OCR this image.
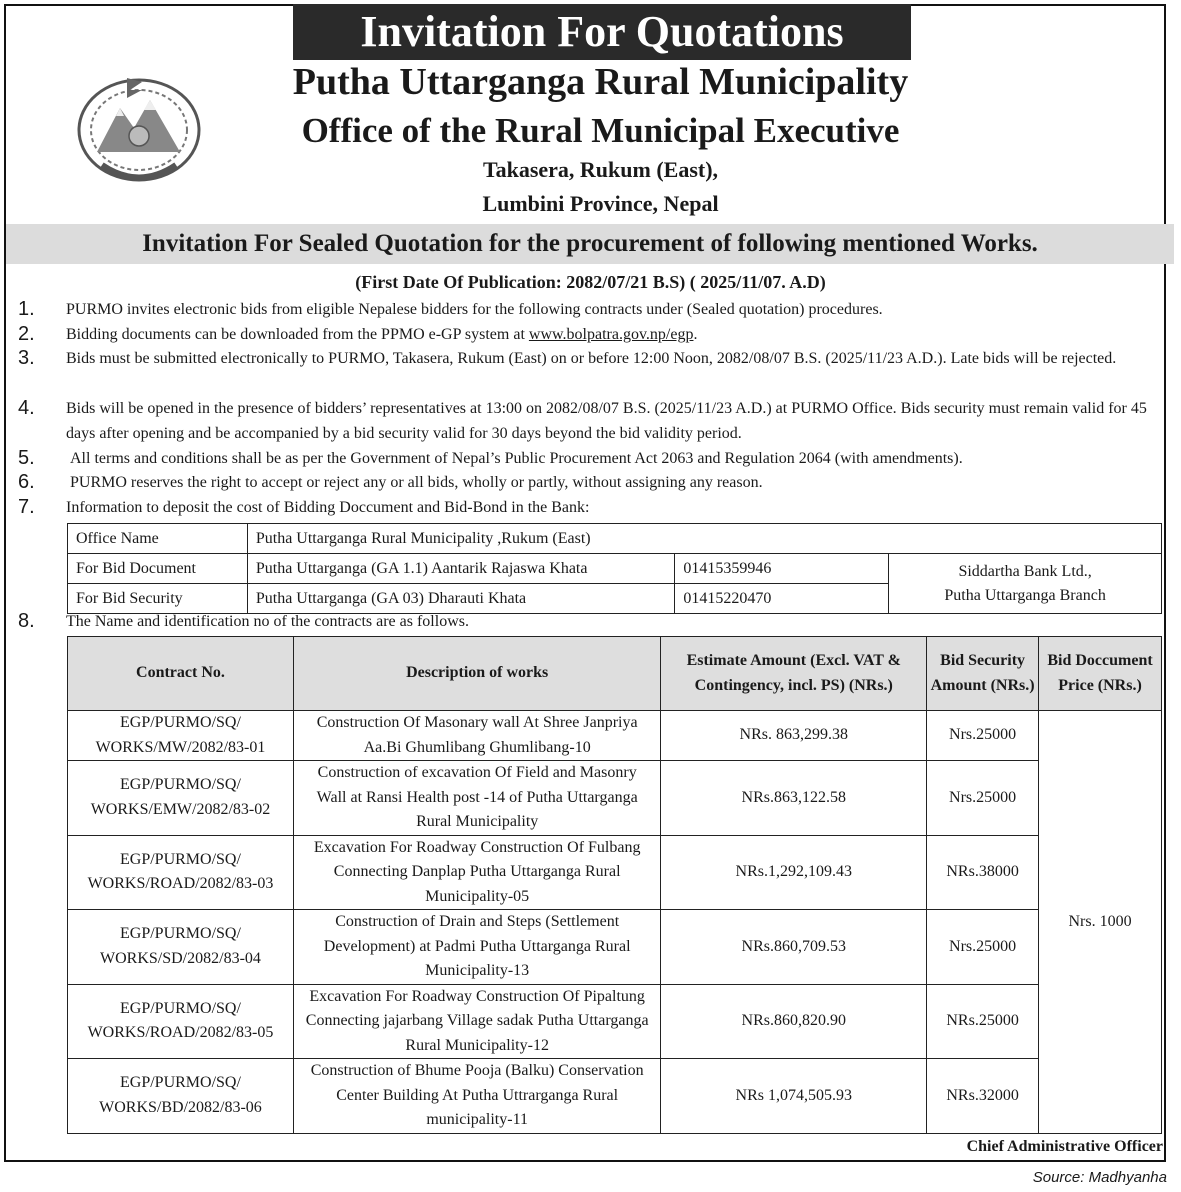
Invitation For Quotations
Putha Uttarganga Rural Municipality
Office of the Rural Municipal Executive
Takasera, Rukum (East),
Lumbini Province, Nepal
Invitation For Sealed Quotation for the procurement of following mentioned Works.
(First Date Of Publication: 2082/07/21 B.S) ( 2025/11/07. A.D)
1. PURMO invites electronic bids from eligible Nepalese bidders for the following contracts under (Sealed quotation) procedures.
2. Bidding documents can be downloaded from the PPMO e-GP system at www.bolpatra.gov.np/egp.
3. Bids must be submitted electronically to PURMO, Takasera, Rukum (East) on or before 12:00 Noon, 2082/08/07 B.S. (2025/11/23 A.D.). Late bids will be rejected.
4. Bids will be opened in the presence of bidders’ representatives at 13:00 on 2082/08/07 B.S. (2025/11/23 A.D.) at PURMO Office. Bids security must remain valid for 45 days after opening and be accompanied by a bid security valid for 30 days beyond the bid validity period.
5. All terms and conditions shall be as per the Government of Nepal’s Public Procurement Act 2063 and Regulation 2064 (with amendments).
6. PURMO reserves the right to accept or reject any or all bids, wholly or partly, without assigning any reason.
7. Information to deposit the cost of Bidding Doccument and Bid-Bond in the Bank:
Office Name	Putha Uttarganga Rural Municipality ,Rukum (East)		
For Bid Document	Putha Uttarganga (GA 1.1) Aantarik Rajaswa Khata	01415359946	Siddartha Bank Ltd.,
Putha Uttarganga Branch
For Bid Security	Putha Uttarganga (GA 03) Dharauti Khata	01415220470	
8. The Name and identification no of the contracts are as follows.
Contract No.	Description of works	Estimate Amount (Excl. VAT & Contingency, incl. PS) (NRs.)	Bid Security Amount (NRs.)	Bid Doccument Price (NRs.)
EGP/PURMO/SQ/ WORKS/MW/2082/83-01	Construction Of Masonary wall At Shree Janpriya Aa.Bi Ghumlibang Ghumlibang-10	NRs. 863,299.38	Nrs.25000	Nrs. 1000
EGP/PURMO/SQ/ WORKS/EMW/2082/83-02	Construction of excavation Of Field and Masonry Wall at Ransi Health post -14 of Putha Uttarganga Rural Municipality	NRs.863,122.58	Nrs.25000	
EGP/PURMO/SQ/ WORKS/ROAD/2082/83-03	Excavation For Roadway Construction Of Fulbang Connecting Danplap Putha Uttarganga Rural Municipality-05	NRs.1,292,109.43	NRs.38000	
EGP/PURMO/SQ/ WORKS/SD/2082/83-04	Construction of Drain and Steps (Settlement Development) at Padmi Putha Uttarganga Rural Municipality-13	NRs.860,709.53	Nrs.25000	
EGP/PURMO/SQ/ WORKS/ROAD/2082/83-05	Excavation For Roadway Construction Of Pipaltung Connecting jajarbang Village sadak Putha Uttarganga Rural Municipality-12	NRs.860,820.90	NRs.25000	
EGP/PURMO/SQ/ WORKS/BD/2082/83-06	Construction of Bhume Pooja (Balku) Conservation Center Building At Putha Uttrarganga Rural municipality-11	NRs 1,074,505.93	NRs.32000	
Chief Administrative Officer
Source: Madhyanha
